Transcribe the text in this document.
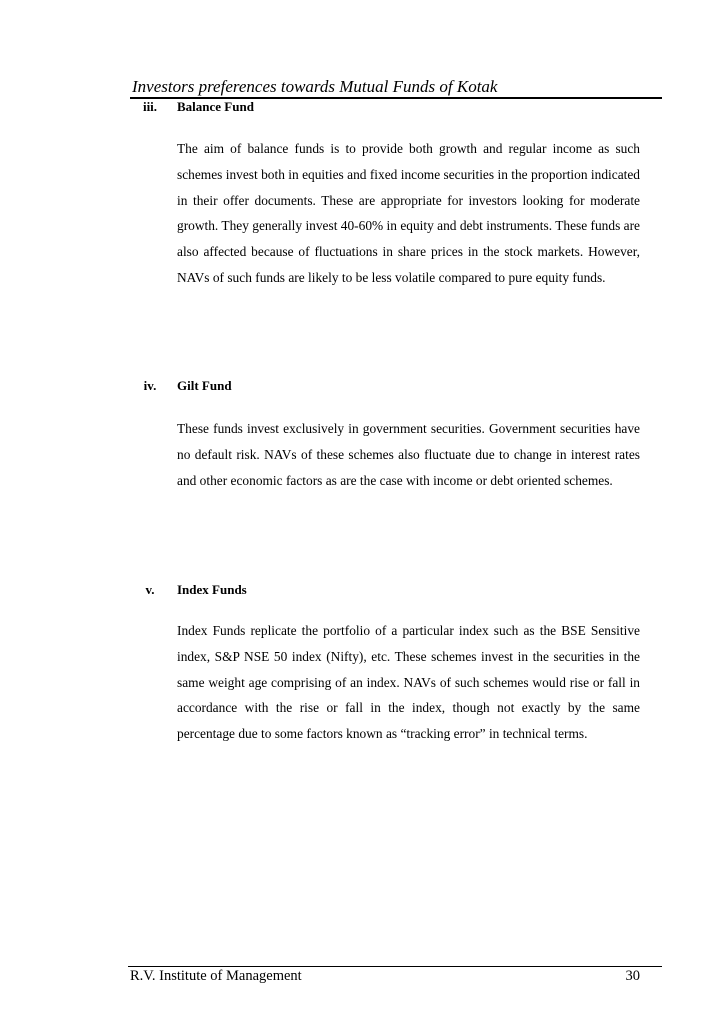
Investors preferences towards Mutual Funds of Kotak
iii.	Balance Fund

The aim of balance funds is to provide both growth and regular income as such schemes invest both in equities and fixed income securities in the proportion indicated in their offer documents. These are appropriate for investors looking for moderate growth. They generally invest 40-60% in equity and debt instruments. These funds are also affected because of fluctuations in share prices in the stock markets. However, NAVs of such funds are likely to be less volatile compared to pure equity funds.

iv.	Gilt Fund

These funds invest exclusively in government securities. Government securities have no default risk. NAVs of these schemes also fluctuate due to change in interest rates and other economic factors as are the case with income or debt oriented schemes.

v.	Index Funds

Index Funds replicate the portfolio of a particular index such as the BSE Sensitive index, S&P NSE 50 index (Nifty), etc. These schemes invest in the securities in the same weight age comprising of an index. NAVs of such schemes would rise or fall in accordance with the rise or fall in the index, though not exactly by the same percentage due to some factors known as “tracking error” in technical terms.

R.V. Institute of Management	30
